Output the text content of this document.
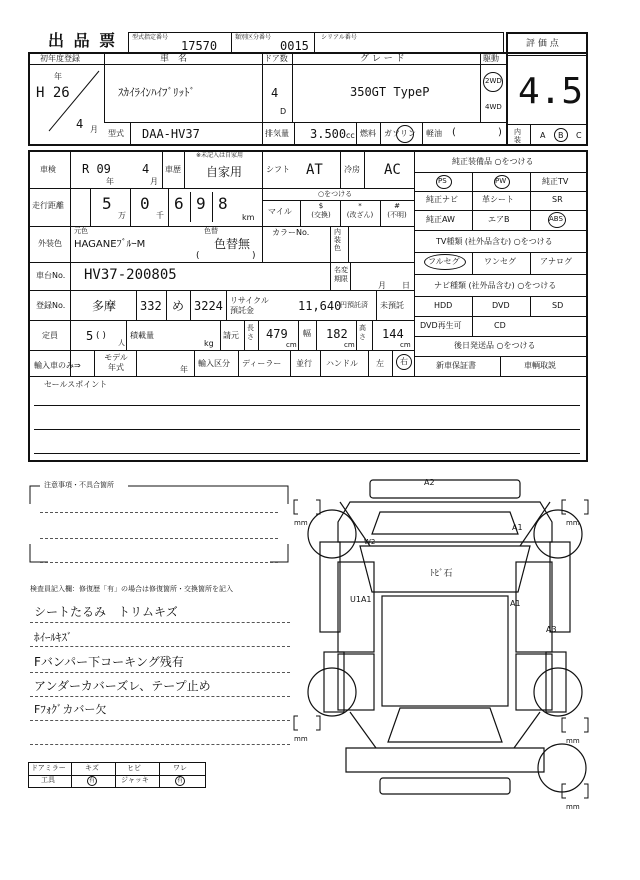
出 品 票 型式指定番号
17570
類別区分番号
0015
シリアル番号
評 価 点
4.5
内装	A B C
初年度登録	車　名	ドア数	グ レ ー ド	駆動
年
H 26
4 月
ｽｶｲﾗｲﾝﾊｲﾌﾞﾘｯﾄﾞ	4
D
350GT TypeP
2WD
4WD
型式 DAA-HV37	排気量 3.500 cc 燃料 ガソリン 軽油 (	)
車検 R 09
年
4
月
車歴
※未記入は自家用
自家用	シフト AT	冷房 AC
純正装備品 ○をつける
PS	PW	純正TV
純正ナビ	革シート	SR
純正AW	エアB	ABS
TV種類 (社外品含む) ○をつける
フルセグ	ワンセグ	アナログ
ナビ種類 (社外品含む) ○をつける
HDD	DVD	SD
DVD再生可	CD
後日発送品 ○をつける
新車保証書	車輌取説
走行距離 5
万
0
千
6 9 8
km
○をつける
マイル
$
(交換)
*
(改ざん)
#
(不明)
外装色
元色
HAGANEﾌﾞﾙｰM
色替
色替無
(	)
カラーNo.	内装色
車台No. HV37-200805	名変期限
月 日
登録No. 多摩 332 め 3224 リサイクル預託金	11,640
円預託済 未預託
定員 5 ( )
人
積載量
kg
請元
長さ 479
cm
幅 182
cm
高さ 144
cm
輸入車のみ⇒
モデル年式	年
輸入区分 ディーラー 並行 ハンドル 左 右
セールスポイント
注意事項・不具合箇所
検査員記入欄：修復歴「有」の場合は修復箇所・交換箇所を記入
シートたるみ　トリムキズ
ﾎｲｰﾙｷｽﾞ
Fバンパー下コーキング残有
アンダーカバーズレ、テープ止め
Fﾌｫｸﾞカバー欠
ドアミラー	キズ	ヒビ	ワレ
工具	有	ジャッキ	有
A2
W2
A1
U1A1
ﾄﾋﾞ石
A1
A3
mm	mm
mm	mm
mm
